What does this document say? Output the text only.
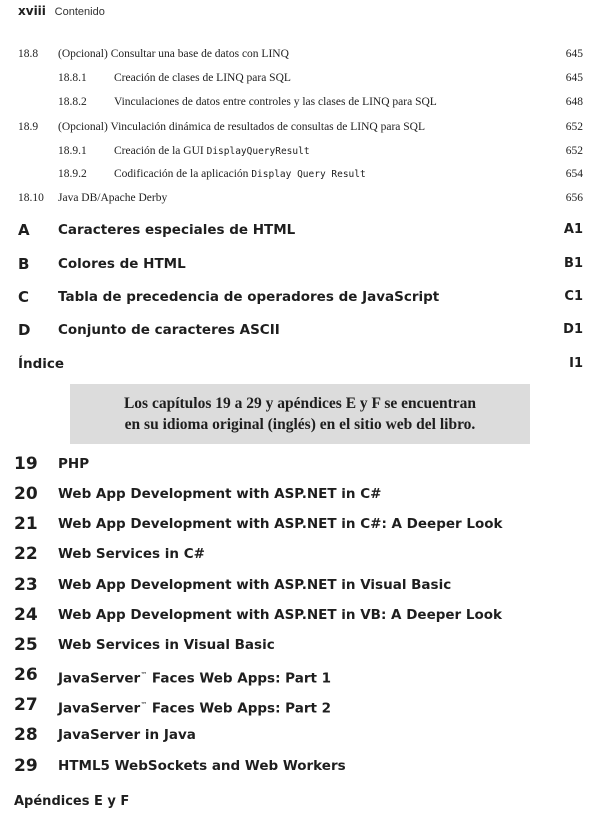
xviii Contenido
18.8 (Opcional) Consultar una base de datos con LINQ	645
18.8.1 Creación de clases de LINQ para SQL	645
18.8.2 Vinculaciones de datos entre controles y las clases de LINQ para SQL	648
18.9 (Opcional) Vinculación dinámica de resultados de consultas de LINQ para SQL	652
18.9.1 Creación de la GUI DisplayQueryResult	652
18.9.2 Codificación de la aplicación Display Query Result	654
18.10 Java DB/Apache Derby	656
A Caracteres especiales de HTML	A1
B Colores de HTML	B1
C Tabla de precedencia de operadores de JavaScript	C1
D Conjunto de caracteres ASCII	D1
Índice	I1
Los capítulos 19 a 29 y apéndices E y F se encuentran
en su idioma original (inglés) en el sitio web del libro.
19 PHP
20 Web App Development with ASP.NET in C#
21 Web App Development with ASP.NET in C#: A Deeper Look
22 Web Services in C#
23 Web App Development with ASP.NET in Visual Basic
24 Web App Development with ASP.NET in VB: A Deeper Look
25 Web Services in Visual Basic
26 JavaServer™ Faces Web Apps: Part 1
27 JavaServer™ Faces Web Apps: Part 2
28 JavaServer in Java
29 HTML5 WebSockets and Web Workers
Apéndices E y F
